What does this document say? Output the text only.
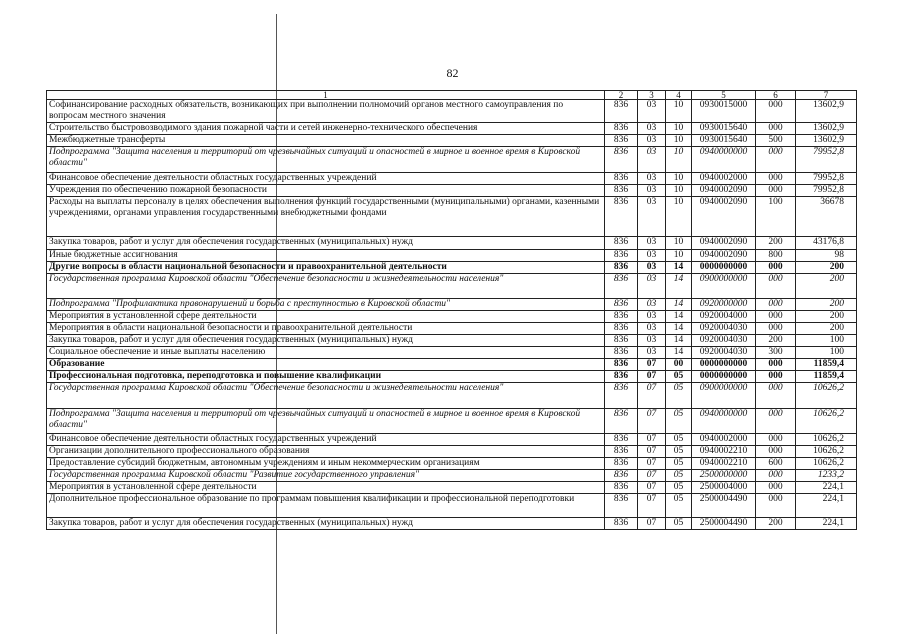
82
1	2	3	4	5	6	7
Софинансирование расходных обязательств, возникающих при выполнении полномочий органов местного самоуправления по вопросам местного значения	836	03	10	0930015000	000	13602,9
Строительство быстровозводимого здания пожарной части и сетей инженерно-технического обеспечения	836	03	10	0930015640	000	13602,9
Межбюджетные трансферты	836	03	10	0930015640	500	13602,9
Подпрограмма "Защита населения и территорий от чрезвычайных ситуаций и опасностей в мирное и военное время в Кировской области"	836	03	10	0940000000	000	79952,8
Финансовое обеспечение деятельности областных государственных учреждений	836	03	10	0940002000	000	79952,8
Учреждения по обеспечению пожарной безопасности	836	03	10	0940002090	000	79952,8
Расходы на выплаты персоналу в целях обеспечения выполнения функций государственными (муниципальными) органами, казенными учреждениями, органами управления государственными внебюджетными фондами	836	03	10	0940002090	100	36678
Закупка товаров, работ и услуг для обеспечения государственных (муниципальных) нужд	836	03	10	0940002090	200	43176,8
Иные бюджетные ассигнования	836	03	10	0940002090	800	98
Другие вопросы в области национальной безопасности и правоохранительной деятельности	836	03	14	0000000000	000	200
Государственная программа Кировской области "Обеспечение безопасности и жизнедеятельности населения"	836	03	14	0900000000	000	200
Подпрограмма "Профилактика правонарушений и борьба с преступностью в Кировской области"	836	03	14	0920000000	000	200
Мероприятия в установленной сфере деятельности	836	03	14	0920004000	000	200
Мероприятия в области национальной безопасности и правоохранительной деятельности	836	03	14	0920004030	000	200
Закупка товаров, работ и услуг для обеспечения государственных (муниципальных) нужд	836	03	14	0920004030	200	100
Социальное обеспечение и иные выплаты населению	836	03	14	0920004030	300	100
Образование	836	07	00	0000000000	000	11859,4
Профессиональная подготовка, переподготовка и повышение квалификации	836	07	05	0000000000	000	11859,4
Государственная программа Кировской области "Обеспечение безопасности и жизнедеятельности населения"	836	07	05	0900000000	000	10626,2
Подпрограмма "Защита населения и территорий от чрезвычайных ситуаций и опасностей в мирное и военное время в Кировской области"	836	07	05	0940000000	000	10626,2
Финансовое обеспечение деятельности областных государственных учреждений	836	07	05	0940002000	000	10626,2
Организации дополнительного профессионального образования	836	07	05	0940002210	000	10626,2
Предоставление субсидий бюджетным, автономным учреждениям и иным некоммерческим организациям	836	07	05	0940002210	600	10626,2
Государственная программа Кировской области "Развитие государственного управления"	836	07	05	2500000000	000	1233,2
Мероприятия в установленной сфере деятельности	836	07	05	2500004000	000	224,1
Дополнительное профессиональное образование по программам повышения квалификации и профессиональной переподготовки	836	07	05	2500004490	000	224,1
Закупка товаров, работ и услуг для обеспечения государственных (муниципальных) нужд	836	07	05	2500004490	200	224,1
